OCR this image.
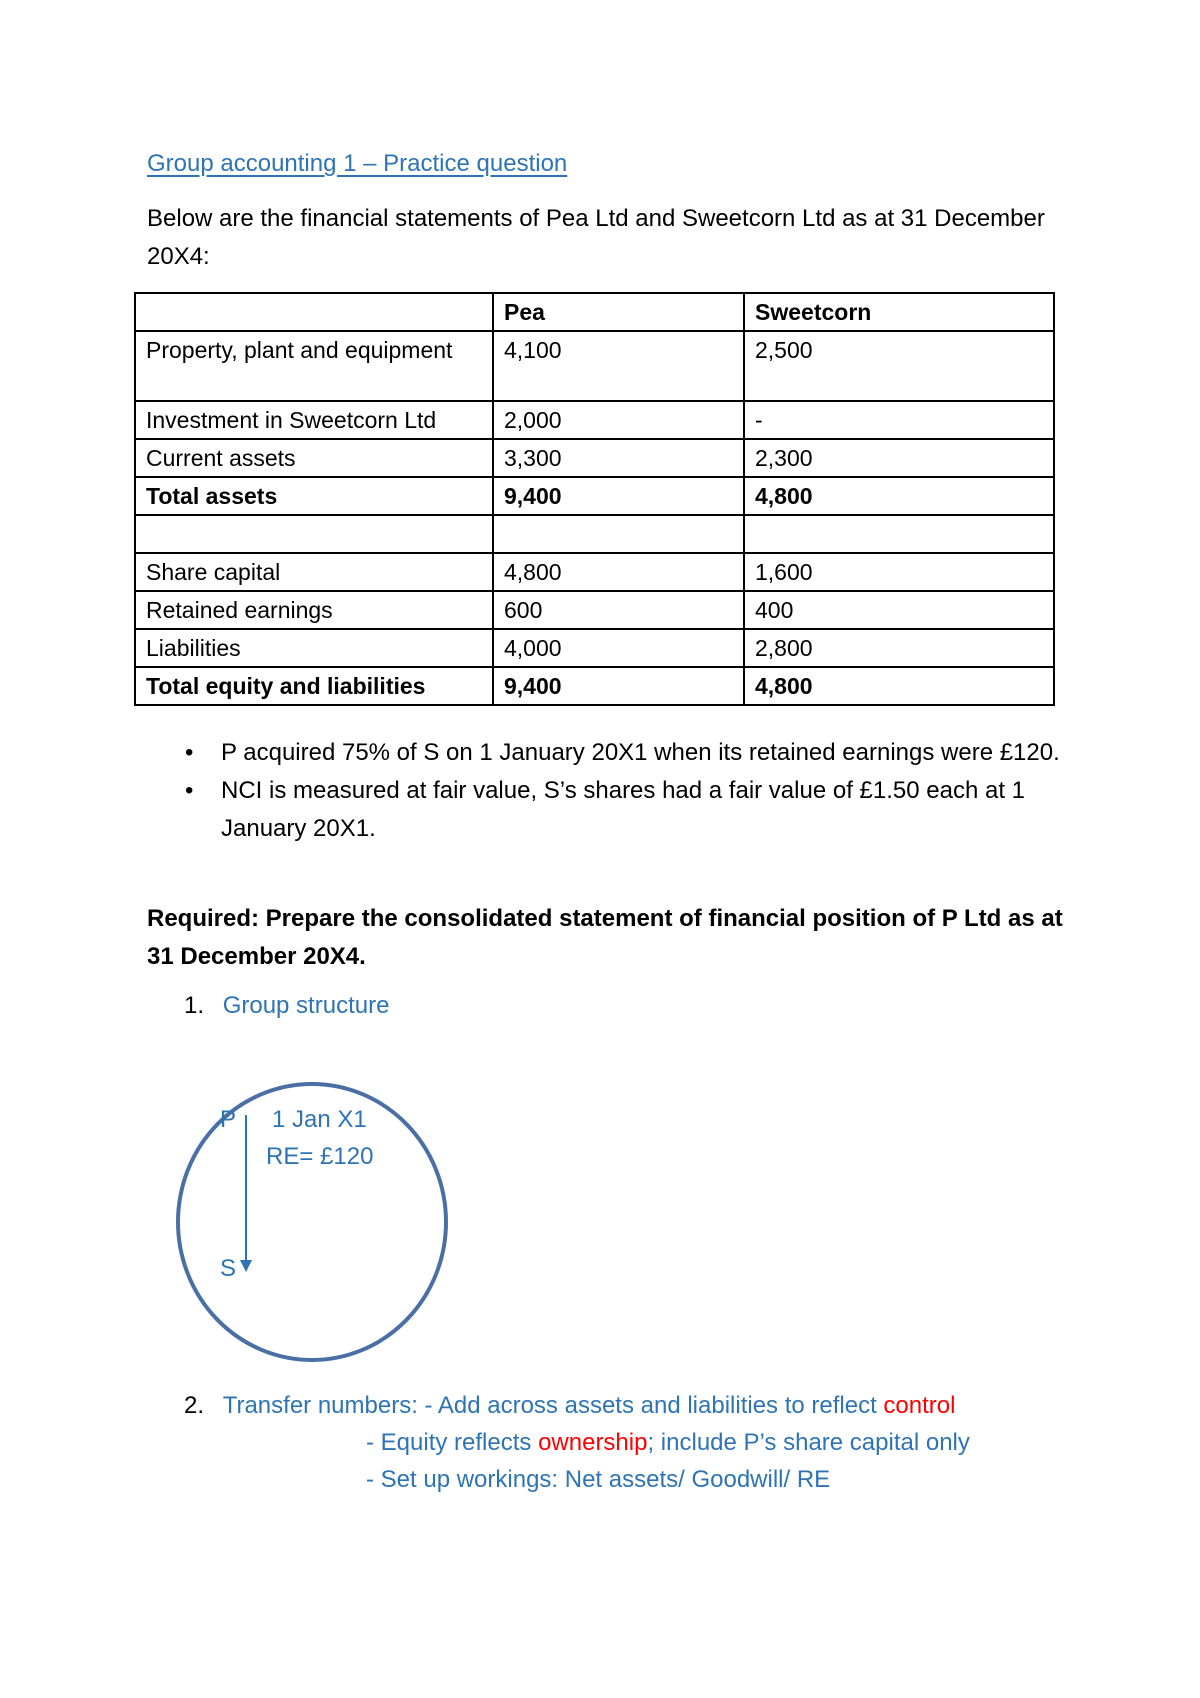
Group accounting 1 – Practice question

Below are the financial statements of Pea Ltd and Sweetcorn Ltd as at 31 December 20X4:

	Pea	Sweetcorn
Property, plant and equipment	4,100	2,500
Investment in Sweetcorn Ltd	2,000	-
Current assets	3,300	2,300
Total assets	9,400	4,800

Share capital	4,800	1,600
Retained earnings	600	400
Liabilities	4,000	2,800
Total equity and liabilities	9,400	4,800
• P acquired 75% of S on 1 January 20X1 when its retained earnings were £120.
• NCI is measured at fair value, S’s shares had a fair value of £1.50 each at 1 January 20X1.

Required: Prepare the consolidated statement of financial position of P Ltd as at 31 December 20X4.

1. Group structure
P 1 Jan X1
RE= £120
S
2. Transfer numbers: - Add across assets and liabilities to reflect control
- Equity reflects ownership; include P’s share capital only
- Set up workings: Net assets/ Goodwill/ RE
